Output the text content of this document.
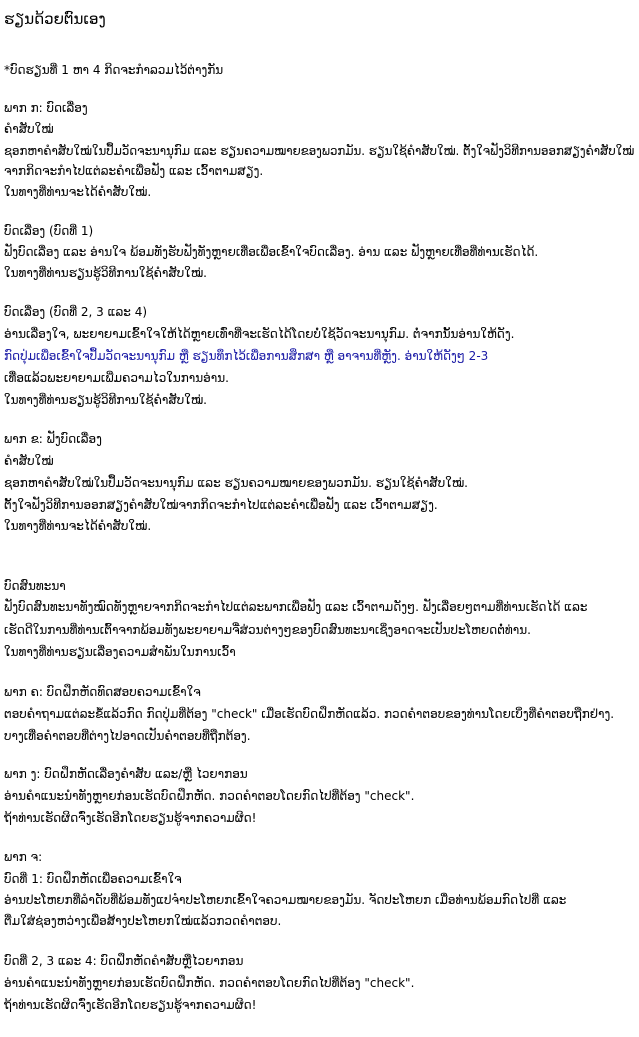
ຮຽນດ້ວຍຕົນເອງ
*ບົດຮຽນທີ່ 1 ຫາ 4 ກິດຈະກຳລວມໄວ້ຕ່າງກັນ
ພາກ ກ: ບົດເລື່ອງ
ຄຳສັບໃໝ່
ຊອກຫາຄຳສັບໃໝ່ໃນປຶ້ມວັດຈະນານຸກົມ ແລະ ຮຽນຄວາມໝາຍຂອງພວກມັນ. ຮຽນໃຊ້ຄຳສັບໃໝ່. ຕັ້ງໃຈຟັງວິທີການອອກສຽງຄຳສັບໃໝ່
ຈາກກິດຈະກຳໄປແຕ່ລະຄຳເພື່ອຟັງ ແລະ ເວົ້າຕາມສຽງ.
ໃນທາງທີ່ທ່ານຈະໄດ້ຄຳສັບໃໝ່.
ບົດເລື່ອງ (ບົດທີ່ 1)
ຟັງບົດເລື່ອງ ແລະ ອ່ານໃຈ ພ້ອມທັງຮັບຟັງທັງຫຼາຍເທື່ອເພື່ອເຂົ້າໃຈບົດເລື່ອງ. ອ່ານ ແລະ ຟັງຫຼາຍເທື່ອທີ່ທ່ານເຮັດໄດ້.
ໃນທາງທີ່ທ່ານຮຽນຮູ້ວິທີການໃຊ້ຄຳສັບໃໝ່.
ບົດເລື່ອງ (ບົດທີ່ 2, 3 ແລະ 4)
ອ່ານເລື່ອງໃຈ, ພະຍາຍາມເຂົ້າໃຈໃຫ້ໄດ້ຫຼາຍເທົ່າທີ່ຈະເຮັດໄດ້ໂດຍບໍ່ໃຊ້ວັດຈະນານຸກົມ. ຕໍ່ຈາກນັ້ນອ່ານໃຫ້ດັງ.
ກົດປຸ່ມເພື່ອເຂົ້າໃຈປຶ້ມວັດຈະນານຸກົມ ຫຼື ຮຽນທຶກໄວ້ເພື່ອການສຶກສາ ຫຼື ອາຈານທີ່ຫຼັງ. ອ່ານໃຫ້ດັງໆ 2-3
ເທື່ອແລ້ວພະຍາຍາມເພີ່ມຄວາມໄວໃນການອ່ານ.
ໃນທາງທີ່ທ່ານຮຽນຮູ້ວິທີການໃຊ້ຄຳສັບໃໝ່.
ພາກ ຂ: ຟັງບົດເລື່ອງ
ຄຳສັບໃໝ່
ຊອກຫາຄຳສັບໃໝ່ໃນປຶ້ມວັດຈະນານຸກົມ ແລະ ຮຽນຄວາມໝາຍຂອງພວກມັນ. ຮຽນໃຊ້ຄຳສັບໃໝ່.
ຕັ້ງໃຈຟັງວິທີການອອກສຽງຄຳສັບໃໝ່ຈາກກິດຈະກຳໄປແຕ່ລະຄຳເພື່ອຟັງ ແລະ ເວົ້າຕາມສຽງ.
ໃນທາງທີ່ທ່ານຈະໄດ້ຄຳສັບໃໝ່.
ບົດສົນທະນາ
ຟັງບົດສົນທະນາທັງໝົດທັງຫຼາຍຈາກກິດຈະກຳໄປແຕ່ລະພາກເພື່ອຟັງ ແລະ ເວົ້າຕາມດັງໆ. ຟັງເລື່ອຍໆຕາມທີ່ທ່ານເຮັດໄດ້ ແລະ
ເຮັດດີໃນການທີ່ທ່ານເຕົ້າຈາກພ້ອມທັງພະຍາຍາມຈື່ສ່ວນຕ່າງໆຂອງບົດສົນທະນາເຊິ່ງອາດຈະເປັນປະໂຫຍດຕໍ່ທ່ານ.
ໃນທາງທີ່ທ່ານຮຽນເລື່ອງຄວາມສຳພັນໃນການເວົ້າ
ພາກ ຄ: ບົດຝຶກຫັດທົດສອບຄວາມເຂົ້າໃຈ
ຕອບຄຳຖາມແຕ່ລະຂໍ້ແລ້ວກົດ ກົດປຸ່ມທີ່ຕ້ອງ "check" ເມື່ອເຮັດບົດຝຶກຫັດແລ້ວ. ກວດຄຳຕອບຂອງທ່ານໂດຍເບິ່ງທີ່ຄຳຕອບຖືກຢ່າງ.
ບາງເທື່ອຄຳຕອບທີ່ຕ່າງໄປອາດເປັນຄຳຕອບທີ່ຖືກຕ້ອງ.
ພາກ ງ: ບົດຝຶກຫັດເລື່ອງຄຳສັບ ແລະ/ຫຼື ໄວຍາກອນ
ອ່ານຄຳແນະນຳທັງຫຼາຍກ່ອນເຮັດບົດຝຶກຫັດ. ກວດຄຳຕອບໂດຍກົດໄປທີ່ຕ້ອງ "check".
ຖ້າທ່ານເຮັດຜິດຈົ່ງເຮັດອີກໂດຍຮຽນຮູ້ຈາກຄວາມຜິດ!
ພາກ ຈ:
ບົດທີ່ 1: ບົດຝຶກຫັດເພື່ອຄວາມເຂົ້າໃຈ
ອ່ານປະໂຫຍກທີ່ລຳດັບທີ່ພ້ອມທັງແປຈຳປະໂຫຍກເຂົ້າໃຈຄວາມໝາຍຂອງມັນ. ຈັດປະໂຫຍກ ເມື່ອທ່ານພ້ອມກົດໄປທີ່ ແລະ
ຕື່ມໃສ່ຊ່ອງຫວ່າງເພື່ອສ້າງປະໂຫຍກໃໝ່ແລ້ວກວດຄຳຕອບ.
ບົດທີ່ 2, 3 ແລະ 4: ບົດຝຶກຫັດຄຳສັບຫຼືໄວຍາກອນ
ອ່ານຄຳແນະນຳທັງຫຼາຍກ່ອນເຮັດບົດຝຶກຫັດ. ກວດຄຳຕອບໂດຍກົດໄປທີ່ຕ້ອງ "check".
ຖ້າທ່ານເຮັດຜິດຈົ່ງເຮັດອີກໂດຍຮຽນຮູ້ຈາກຄວາມຜິດ!
